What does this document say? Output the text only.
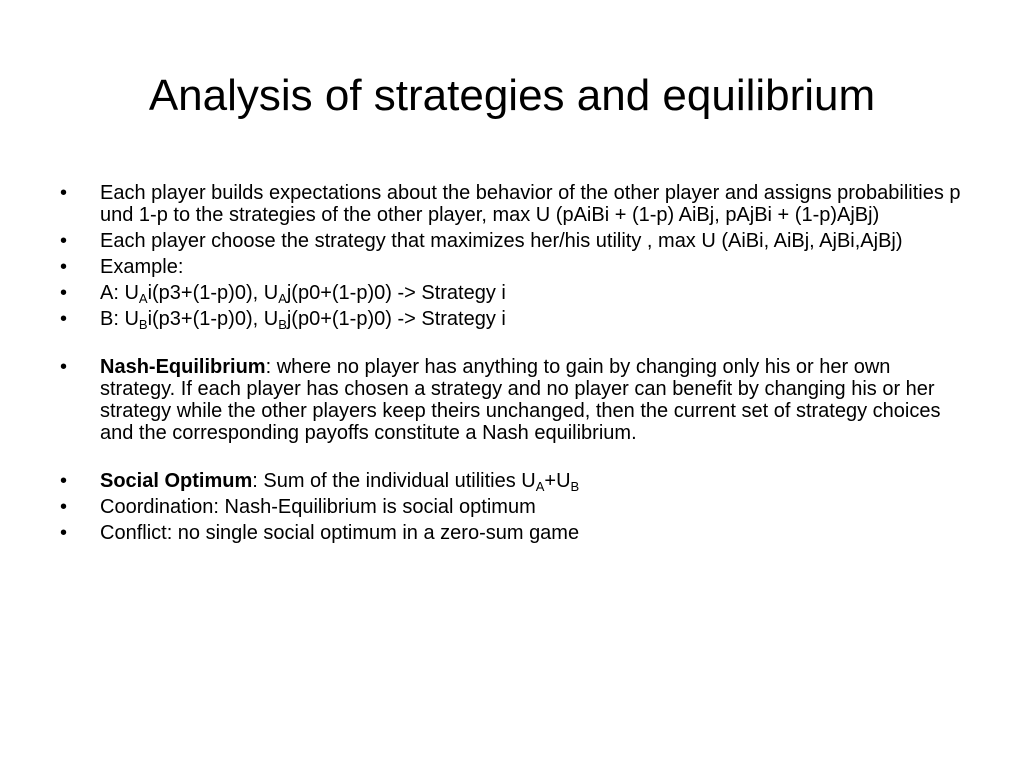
Analysis of strategies and equilibrium
•	Each player builds expectations about the behavior of the other player and assigns probabilities p und 1-p to the strategies of the other player, max U (pAiBi + (1-p) AiBj, pAjBi + (1-p)AjBj)
•	Each player choose the strategy that maximizes her/his utility , max U (AiBi, AiBj, AjBi,AjBj)
•	Example:
•	A: $U_Ai(p3+(1-p)0)$, $U_Aj(p0+(1-p)0)$ -> Strategy i
•	B: $U_Bi(p3+(1-p)0)$, $U_Bj(p0+(1-p)0)$ -> Strategy i
•	Nash-Equilibrium: where no player has anything to gain by changing only his or her own strategy. If each player has chosen a strategy and no player can benefit by changing his or her strategy while the other players keep theirs unchanged, then the current set of strategy choices and the corresponding payoffs constitute a Nash equilibrium.
•	Social Optimum: Sum of the individual utilities $U_A+U_B$
•	Coordination: Nash-Equilibrium is social optimum
•	Conflict: no single social optimum in a zero-sum game
